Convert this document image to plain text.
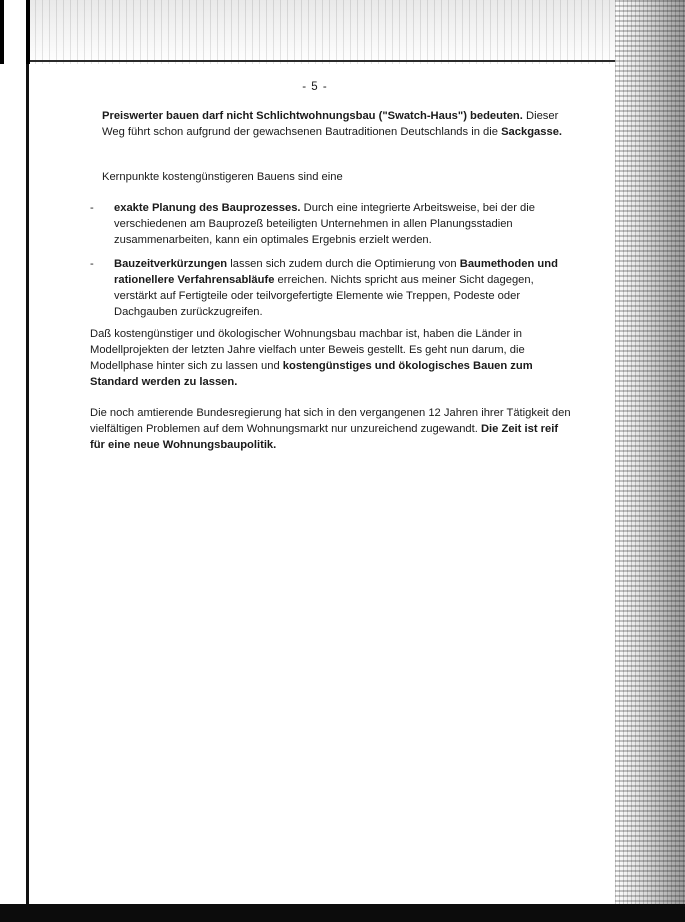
- 5 -

Preiswerter bauen darf nicht Schlichtwohnungsbau ("Swatch-Haus") bedeuten. Dieser Weg führt schon aufgrund der gewachsenen Bautraditionen Deutschlands in die Sackgasse.

Kernpunkte kostengünstigeren Bauens sind eine

-	exakte Planung des Bauprozesses. Durch eine integrierte Arbeitsweise, bei der die verschiedenen am Bauprozeß beteiligten Unternehmen in allen Planungsstadien zusammenarbeiten, kann ein optimales Ergebnis erzielt werden.

-	Bauzeitverkürzungen lassen sich zudem durch die Optimierung von Baumethoden und rationellere Verfahrensabläufe erreichen. Nichts spricht aus meiner Sicht dagegen, verstärkt auf Fertigteile oder teilvorgefertigte Elemente wie Treppen, Podeste oder Dachgauben zurückzugreifen.

Daß kostengünstiger und ökologischer Wohnungsbau machbar ist, haben die Länder in Modellprojekten der letzten Jahre vielfach unter Beweis gestellt. Es geht nun darum, die Modellphase hinter sich zu lassen und kostengünstiges und ökologisches Bauen zum Standard werden zu lassen.

Die noch amtierende Bundesregierung hat sich in den vergangenen 12 Jahren ihrer Tätigkeit den vielfältigen Problemen auf dem Wohnungsmarkt nur unzureichend zugewandt. Die Zeit ist reif für eine neue Wohnungsbaupolitik.
